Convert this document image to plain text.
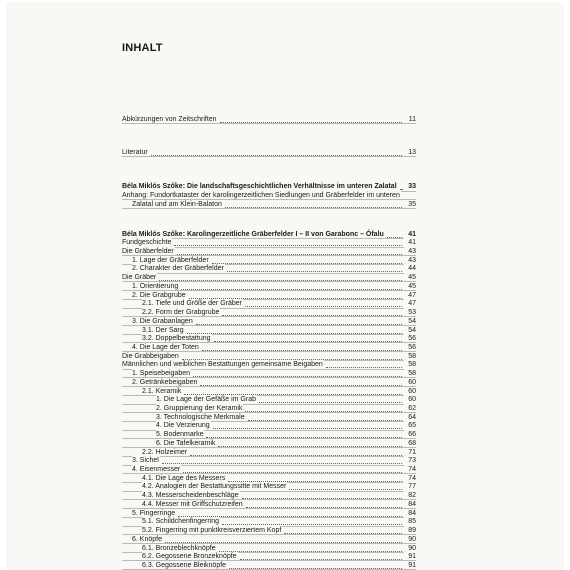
INHALT
Abkürzungen von Zeitschriften	11
Literatur	13
Béla Miklós Szőke: Die landschaftsgeschichtlichen Verhältnisse im unteren Zalatal	33
Anhang: Fundortkataster der karolingerzeitlichen Siedlungen und Gräberfelder im unteren
Zalatal und am Klein-Balaton	35
Béla Miklós Szőke: Karolingerzeitliche Gräberfelder I – II von Garabonc – Ófalu	41
Fundgeschichte	41
Die Gräberfelder	43
1. Lage der Gräberfelder	43
2. Charakter der Gräberfelder	44
Die Gräber	45
1. Orientierung	45
2. Die Grabgrube	47
2.1. Tiefe und Größe der Gräber	47
2.2. Form der Grabgrube	53
3. Die Grabanlagen	54
3.1. Der Sarg	54
3.2. Doppelbestattung	56
4. Die Lage der Toten	56
Die Grabbeigaben	58
Männlichen und weiblichen Bestattungen gemeinsame Beigaben	58
1. Speisebeigaben	58
2. Getränkebeigaben	60
2.1. Keramik	60
1. Die Lage der Gefäße im Grab	60
2. Gruppierung der Keramik	62
3. Technologische Merkmale	64
4. Die Verzierung	65
5. Bodenmarke	66
6. Die Tafelkeramik	68
2.2. Holzeimer	71
3. Sichel	73
4. Eisenmesser	74
4.1. Die Lage des Messers	74
4.2. Analogien der Bestattungssitte mit Messer	77
4.3. Messerscheidenbeschläge	82
4.4. Messer mit Griffschutzreifen	84
5. Fingerringe	84
5.1. Schildchenfingerring	85
5.2. Fingerring mit punktkreisverziertem Kopf	89
6. Knöpfe	90
6.1. Bronzeblechknöpfe	90
6.2. Gegossene Bronzeknöpfe	91
6.3. Gegossene Bleiknöpfe	91
